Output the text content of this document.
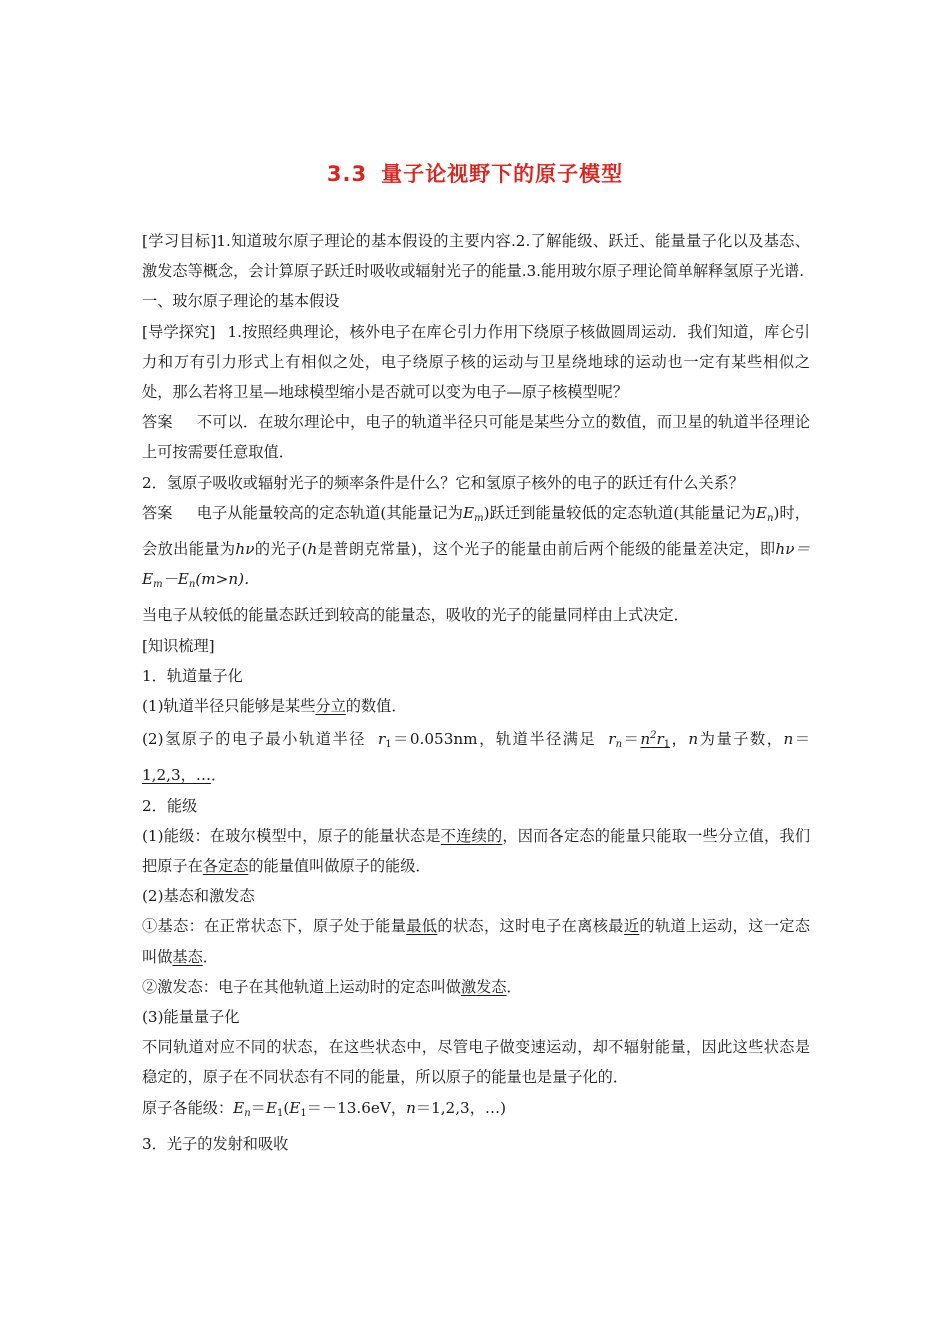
3.3 量子论视野下的原子模型

[学习目标]1.知道玻尔原子理论的基本假设的主要内容.2.了解能级、跃迁、能量量子化以及基态、激发态等概念，会计算原子跃迁时吸收或辐射光子的能量.3.能用玻尔原子理论简单解释氢原子光谱.

一、玻尔原子理论的基本假设

[导学探究] 1.按照经典理论，核外电子在库仑引力作用下绕原子核做圆周运动．我们知道，库仑引力和万有引力形式上有相似之处，电子绕原子核的运动与卫星绕地球的运动也一定有某些相似之处，那么若将卫星—地球模型缩小是否就可以变为电子—原子核模型呢？

答案 不可以．在玻尔理论中，电子的轨道半径只可能是某些分立的数值，而卫星的轨道半径理论上可按需要任意取值．

2．氢原子吸收或辐射光子的频率条件是什么？它和氢原子核外的电子的跃迁有什么关系？

答案 电子从能量较高的定态轨道(其能量记为$E_m$)跃迁到能量较低的定态轨道(其能量记为$E_n$)时，会放出能量为hν的光子(h是普朗克常量)，这个光子的能量由前后两个能级的能量差决定，即$h\nu=E_m-E_n(m>n)$．

当电子从较低的能量态跃迁到较高的能量态，吸收的光子的能量同样由上式决定．

[知识梳理]

1．轨道量子化

(1)轨道半径只能够是某些分立的数值．

(2)氢原子的电子最小轨道半径 r1＝0.053nm，轨道半径满足 $r_n=n^2r1$，n为量子数，n＝1,2,3，…．

2．能级

(1)能级：在玻尔模型中，原子的能量状态是不连续的，因而各定态的能量只能取一些分立值，我们把原子在各定态的能量值叫做原子的能级．

(2)基态和激发态

①基态：在正常状态下，原子处于能量最低的状态，这时电子在离核最近的轨道上运动，这一定态叫做基态．

②激发态：电子在其他轨道上运动时的定态叫做激发态．

(3)能量量子化

不同轨道对应不同的状态，在这些状态中，尽管电子做变速运动，却不辐射能量，因此这些状态是稳定的，原子在不同状态有不同的能量，所以原子的能量也是量子化的．

原子各能级：$E_n=E1(E1=-13.6eV$，n＝1,2,3，…)

3．光子的发射和吸收
